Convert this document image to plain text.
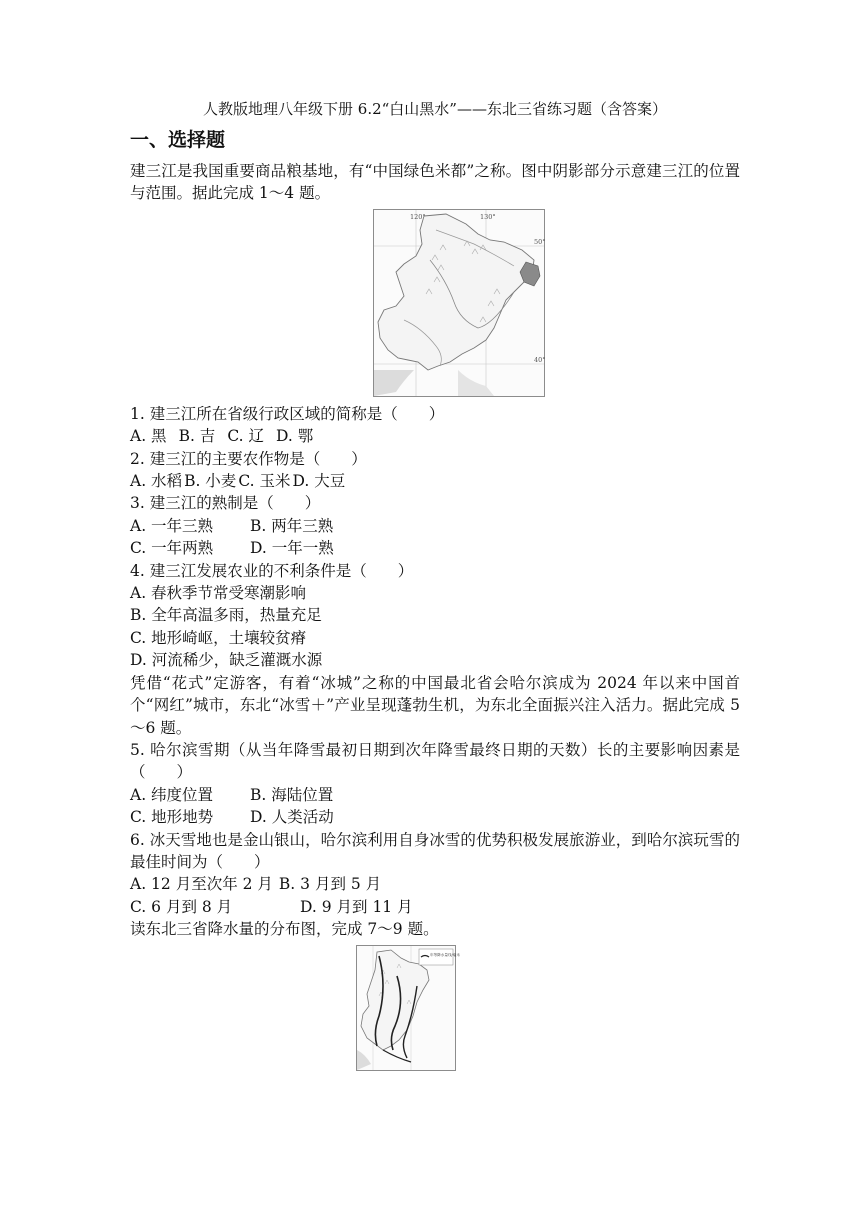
人教版地理八年级下册 6.2“白山黑水”——东北三省练习题（含答案）
一、选择题

建三江是我国重要商品粮基地，有“中国绿色米都”之称。图中阴影部分示意建三江的位置与范围。据此完成 1～4 题。

120°	130°
50°
40°

1. 建三江所在省级行政区域的简称是（　　）

A. 黑 B. 吉 C. 辽 D. 鄂

2. 建三江的主要农作物是（　　）

A. 水稻 B. 小麦 C. 玉米 D. 大豆

3. 建三江的熟制是（　　）

A. 一年三熟	B. 两年三熟
C. 一年两熟	D. 一年一熟

4. 建三江发展农业的不利条件是（　　）

A. 春秋季节常受寒潮影响

B. 全年高温多雨，热量充足

C. 地形崎岖，土壤较贫瘠

D. 河流稀少，缺乏灌溉水源

凭借“花式”定游客，有着“冰城”之称的中国最北省会哈尔滨成为 2024 年以来中国首个“网红”城市，东北“冰雪＋”产业呈现蓬勃生机，为东北全面振兴注入活力。据此完成 5～6 题。

5. 哈尔滨雪期（从当年降雪最初日期到次年降雪最终日期的天数）长的主要影响因素是（　　）

A. 纬度位置	B. 海陆位置
C. 地形地势	D. 人类活动

6. 冰天雪地也是金山银山，哈尔滨利用自身冰雪的优势积极发展旅游业，到哈尔滨玩雪的最佳时间为（　　）

A. 12 月至次年 2 月 B. 3 月到 5 月
C. 6 月到 8 月	D. 9 月到 11 月

读东北三省降水量的分布图，完成 7～9 题。

年等降水量线/毫米
